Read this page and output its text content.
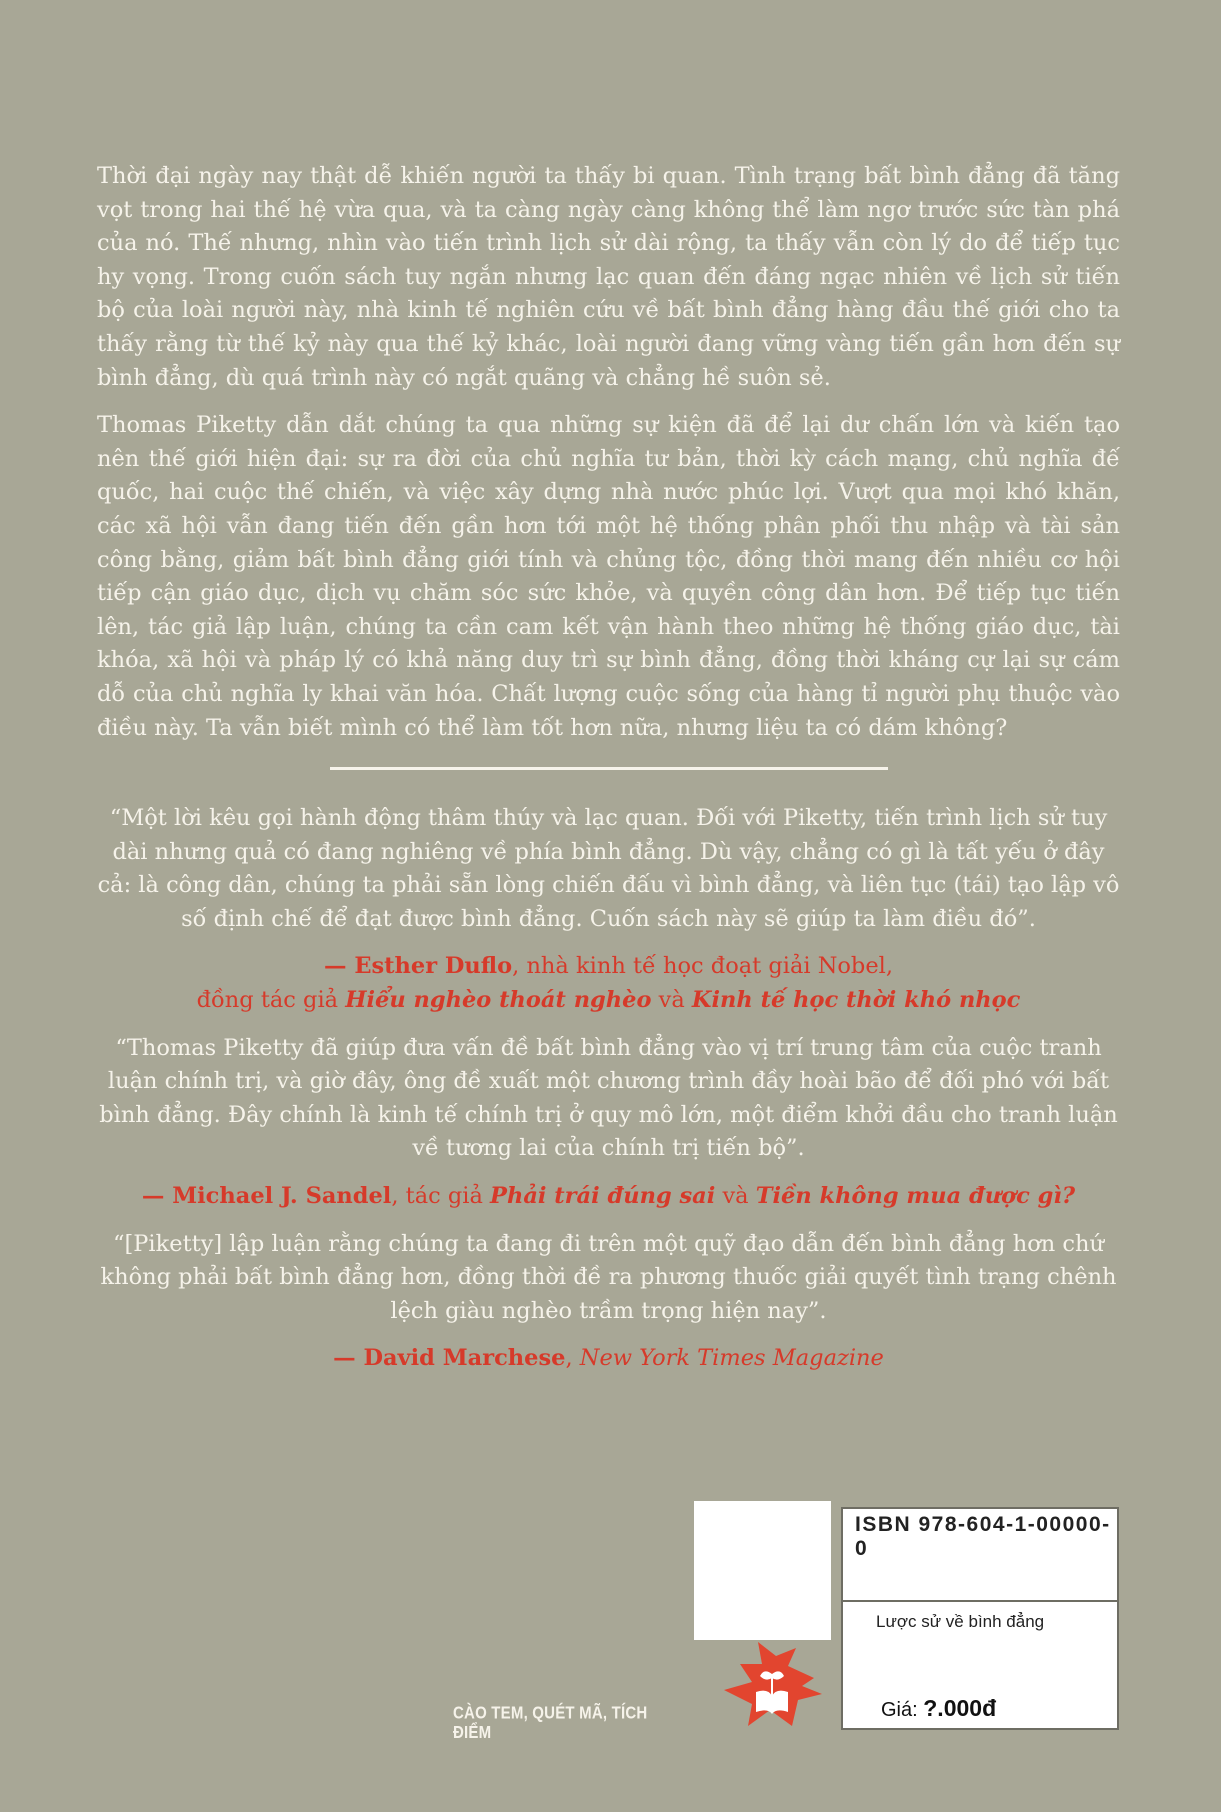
Thời đại ngày nay thật dễ khiến người ta thấy bi quan. Tình trạng bất bình đẳng đã tăng vọt trong hai thế hệ vừa qua, và ta càng ngày càng không thể làm ngơ trước sức tàn phá của nó. Thế nhưng, nhìn vào tiến trình lịch sử dài rộng, ta thấy vẫn còn lý do để tiếp tục hy vọng. Trong cuốn sách tuy ngắn nhưng lạc quan đến đáng ngạc nhiên về lịch sử tiến bộ của loài người này, nhà kinh tế nghiên cứu về bất bình đẳng hàng đầu thế giới cho ta thấy rằng từ thế kỷ này qua thế kỷ khác, loài người đang vững vàng tiến gần hơn đến sự bình đẳng, dù quá trình này có ngắt quãng và chẳng hề suôn sẻ.

Thomas Piketty dẫn dắt chúng ta qua những sự kiện đã để lại dư chấn lớn và kiến tạo nên thế giới hiện đại: sự ra đời của chủ nghĩa tư bản, thời kỳ cách mạng, chủ nghĩa đế quốc, hai cuộc thế chiến, và việc xây dựng nhà nước phúc lợi. Vượt qua mọi khó khăn, các xã hội vẫn đang tiến đến gần hơn tới một hệ thống phân phối thu nhập và tài sản công bằng, giảm bất bình đẳng giới tính và chủng tộc, đồng thời mang đến nhiều cơ hội tiếp cận giáo dục, dịch vụ chăm sóc sức khỏe, và quyền công dân hơn. Để tiếp tục tiến lên, tác giả lập luận, chúng ta cần cam kết vận hành theo những hệ thống giáo dục, tài khóa, xã hội và pháp lý có khả năng duy trì sự bình đẳng, đồng thời kháng cự lại sự cám dỗ của chủ nghĩa ly khai văn hóa. Chất lượng cuộc sống của hàng tỉ người phụ thuộc vào điều này. Ta vẫn biết mình có thể làm tốt hơn nữa, nhưng liệu ta có dám không?

“Một lời kêu gọi hành động thâm thúy và lạc quan. Đối với Piketty, tiến trình lịch sử tuy dài nhưng quả có đang nghiêng về phía bình đẳng. Dù vậy, chẳng có gì là tất yếu ở đây cả: là công dân, chúng ta phải sẵn lòng chiến đấu vì bình đẳng, và liên tục (tái) tạo lập vô số định chế để đạt được bình đẳng. Cuốn sách này sẽ giúp ta làm điều đó”.

— Esther Duflo, nhà kinh tế học đoạt giải Nobel,
đồng tác giả Hiểu nghèo thoát nghèo và Kinh tế học thời khó nhọc

“Thomas Piketty đã giúp đưa vấn đề bất bình đẳng vào vị trí trung tâm của cuộc tranh luận chính trị, và giờ đây, ông đề xuất một chương trình đầy hoài bão để đối phó với bất bình đẳng. Đây chính là kinh tế chính trị ở quy mô lớn, một điểm khởi đầu cho tranh luận về tương lai của chính trị tiến bộ”.

— Michael J. Sandel, tác giả Phải trái đúng sai và Tiền không mua được gì?

“[Piketty] lập luận rằng chúng ta đang đi trên một quỹ đạo dẫn đến bình đẳng hơn chứ không phải bất bình đẳng hơn, đồng thời đề ra phương thuốc giải quyết tình trạng chênh lệch giàu nghèo trầm trọng hiện nay”.

— David Marchese, New York Times Magazine

CÀO TEM, QUÉT MÃ, TÍCH ĐIỂM
ISBN 978-604-1-00000-0
Lược sử về bình đẳng
Giá: ?.000đ
